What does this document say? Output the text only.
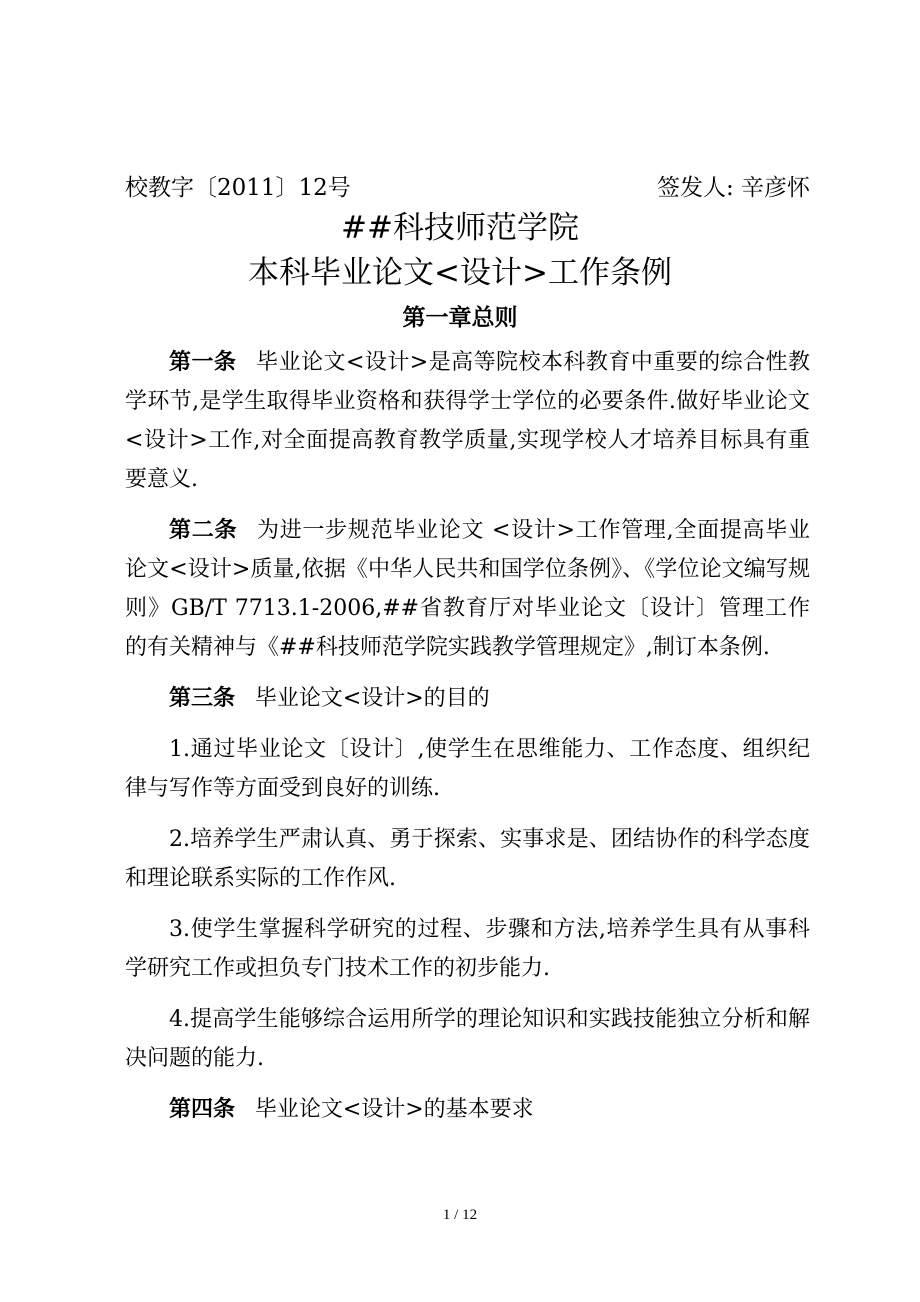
校教字〔2011〕12号	签发人: 辛彦怀
##科技师范学院
本科毕业论文<设计>工作条例
第一章总则

第一条 毕业论文<设计>是高等院校本科教育中重要的综合性教学环节,是学生取得毕业资格和获得学士学位的必要条件.做好毕业论文<设计>工作,对全面提高教育教学质量,实现学校人才培养目标具有重要意义.

第二条 为进一步规范毕业论文 <设计>工作管理,全面提高毕业论文<设计>质量,依据《中华人民共和国学位条例》、《学位论文编写规则》GB/T 7713.1-2006,##省教育厅对毕业论文〔设计〕管理工作的有关精神与《##科技师范学院实践教学管理规定》,制订本条例.

第三条 毕业论文<设计>的目的

1.通过毕业论文〔设计〕,使学生在思维能力、工作态度、组织纪律与写作等方面受到良好的训练.

2.培养学生严肃认真、勇于探索、实事求是、团结协作的科学态度和理论联系实际的工作作风.

3.使学生掌握科学研究的过程、步骤和方法,培养学生具有从事科学研究工作或担负专门技术工作的初步能力.

4.提高学生能够综合运用所学的理论知识和实践技能独立分析和解决问题的能力.

第四条 毕业论文<设计>的基本要求

1 / 12
